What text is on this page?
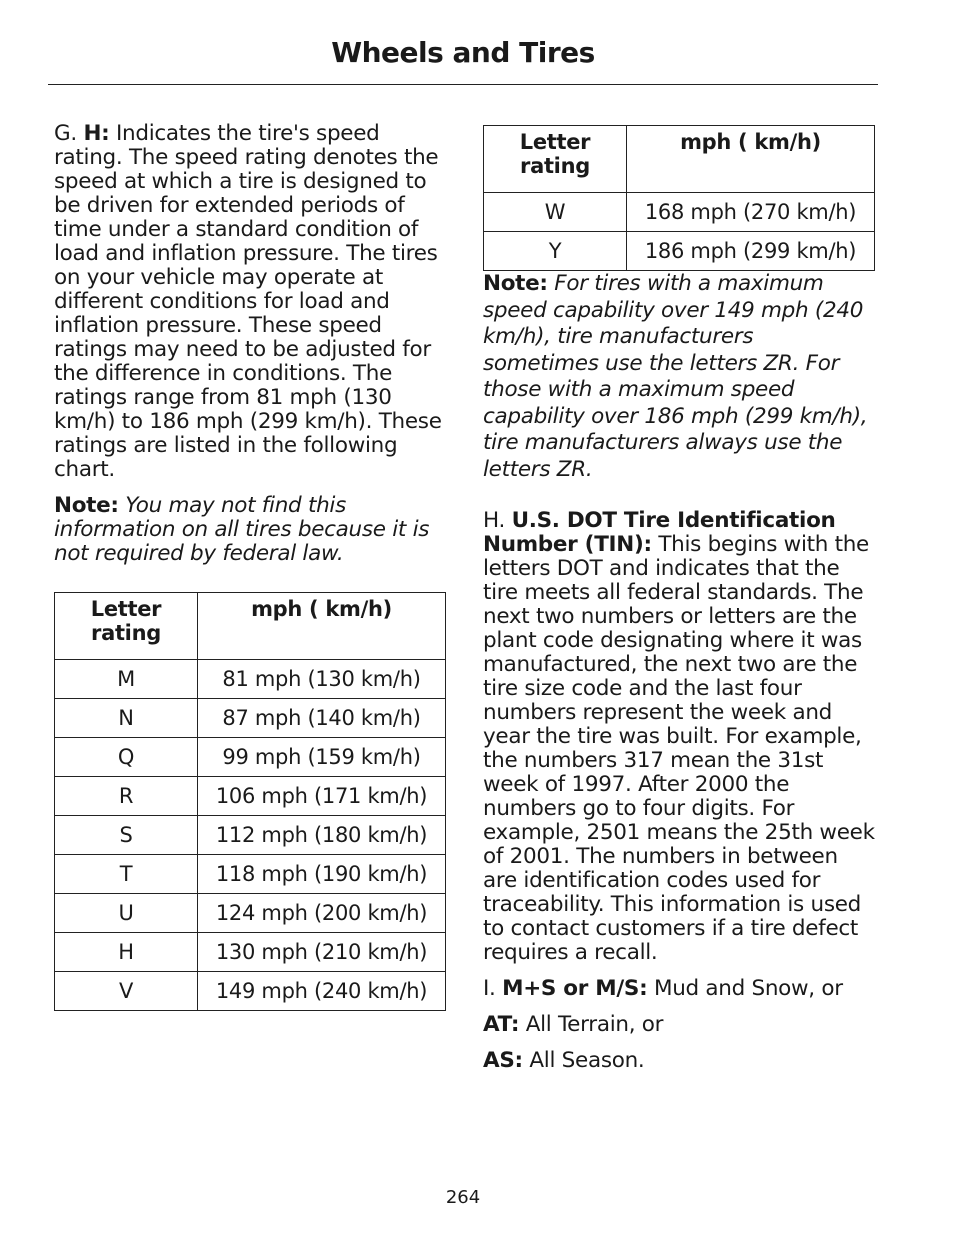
Wheels and Tires

G. H: Indicates the tire's speed rating. The speed rating denotes the speed at which a tire is designed to be driven for extended periods of time under a standard condition of load and inflation pressure. The tires on your vehicle may operate at different conditions for load and inflation pressure. These speed ratings may need to be adjusted for the difference in conditions. The ratings range from 81 mph (130 km/h) to 186 mph (299 km/h). These ratings are listed in the following chart.

Note: You may not find this information on all tires because it is not required by federal law.

Letter rating	mph ( km/h)
M	81 mph (130 km/h)
N	87 mph (140 km/h)
Q	99 mph (159 km/h)
R	106 mph (171 km/h)
S	112 mph (180 km/h)
T	118 mph (190 km/h)
U	124 mph (200 km/h)
H	130 mph (210 km/h)
V	149 mph (240 km/h)
Letter rating	mph ( km/h)
W	168 mph (270 km/h)
Y	186 mph (299 km/h)

Note: For tires with a maximum speed capability over 149 mph (240 km/h), tire manufacturers sometimes use the letters ZR. For those with a maximum speed capability over 186 mph (299 km/h), tire manufacturers always use the letters ZR.

H. U.S. DOT Tire Identification Number (TIN): This begins with the letters DOT and indicates that the tire meets all federal standards. The next two numbers or letters are the plant code designating where it was manufactured, the next two are the tire size code and the last four numbers represent the week and year the tire was built. For example, the numbers 317 mean the 31st week of 1997. After 2000 the numbers go to four digits. For example, 2501 means the 25th week of 2001. The numbers in between are identification codes used for traceability. This information is used to contact customers if a tire defect requires a recall.

I. M+S or M/S: Mud and Snow, or

AT: All Terrain, or

AS: All Season.

264
